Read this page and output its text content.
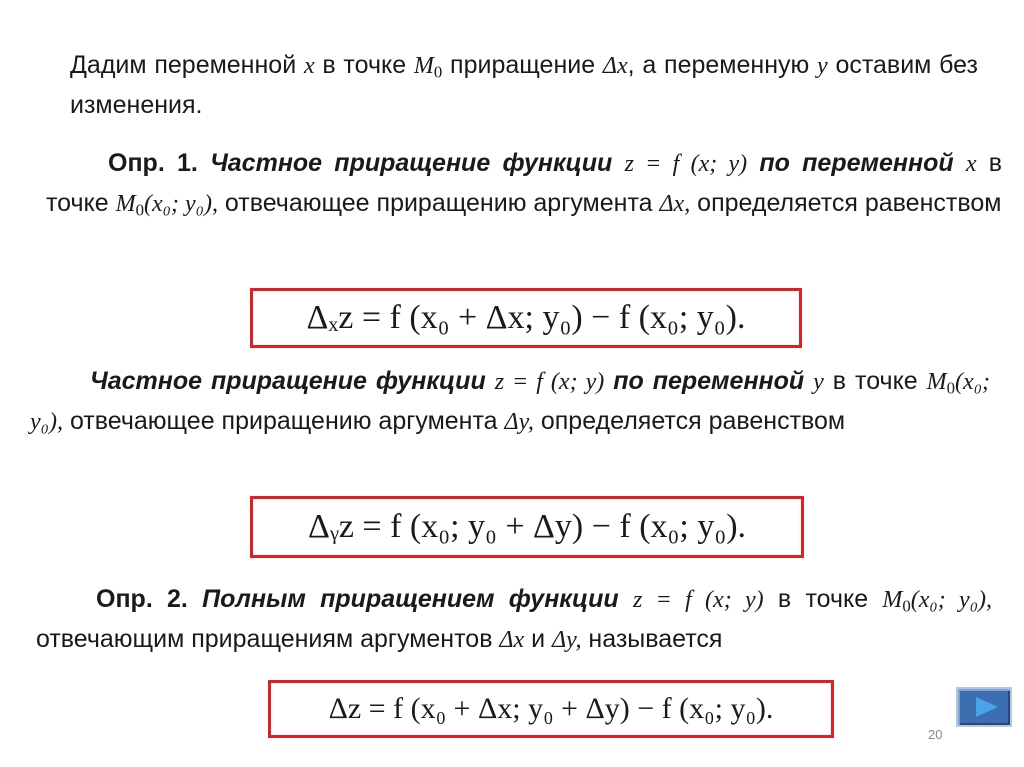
Дадим переменной x в точке $M_0$ приращение Δx, а переменную y оставим без изменения.
Опр. 1. Частное приращение функции z = f (x; y) по переменной x в точке $M_0(x_0$; y₀), отвечающее приращению аргумента Δx, определяется равенством
Δₓz = f (x₀ + Δx; y₀) − f (x₀; y₀).
Частное приращение функции z = f (x; y) по переменной y в точке $M_0(x_0$; y₀), отвечающее приращению аргумента Δy, определяется равенством
Δᵧz = f (x₀; y₀ + Δy) − f (x₀; y₀).
Опр. 2. Полным приращением функции z = f (x; y) в точке $M_0(x_0$; y₀), отвечающим приращениям аргументов Δx и Δy, называется
Δz = f (x₀ + Δx; y₀ + Δy) − f (x₀; y₀).
20
